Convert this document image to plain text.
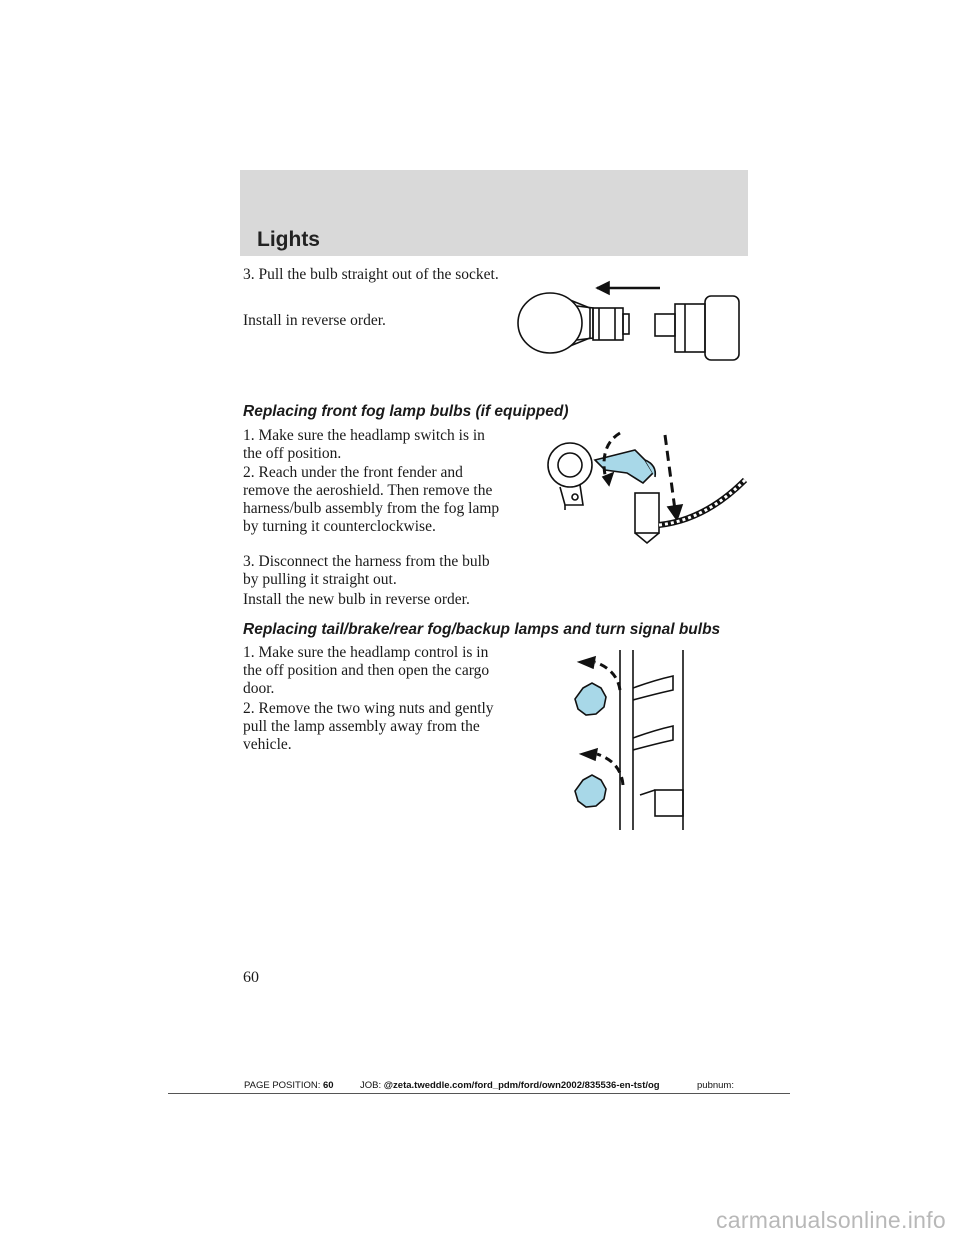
Lights

3. Pull the bulb straight out of the socket.

Install in reverse order.

Replacing front fog lamp bulbs (if equipped)

1. Make sure the headlamp switch is in the off position.

2. Reach under the front fender and remove the aeroshield. Then remove the harness/bulb assembly from the fog lamp by turning it counterclockwise.

3. Disconnect the harness from the bulb by pulling it straight out.

Install the new bulb in reverse order.

Replacing tail/brake/rear fog/backup lamps and turn signal bulbs

1. Make sure the headlamp control is in the off position and then open the cargo door.

2. Remove the two wing nuts and gently pull the lamp assembly away from the vehicle.

60

PAGE POSITION: 60	JOB: @zeta.tweddle.com/ford_pdm/ford/own2002/835536-en-tst/og	pubnum:

carmanualsonline.info
